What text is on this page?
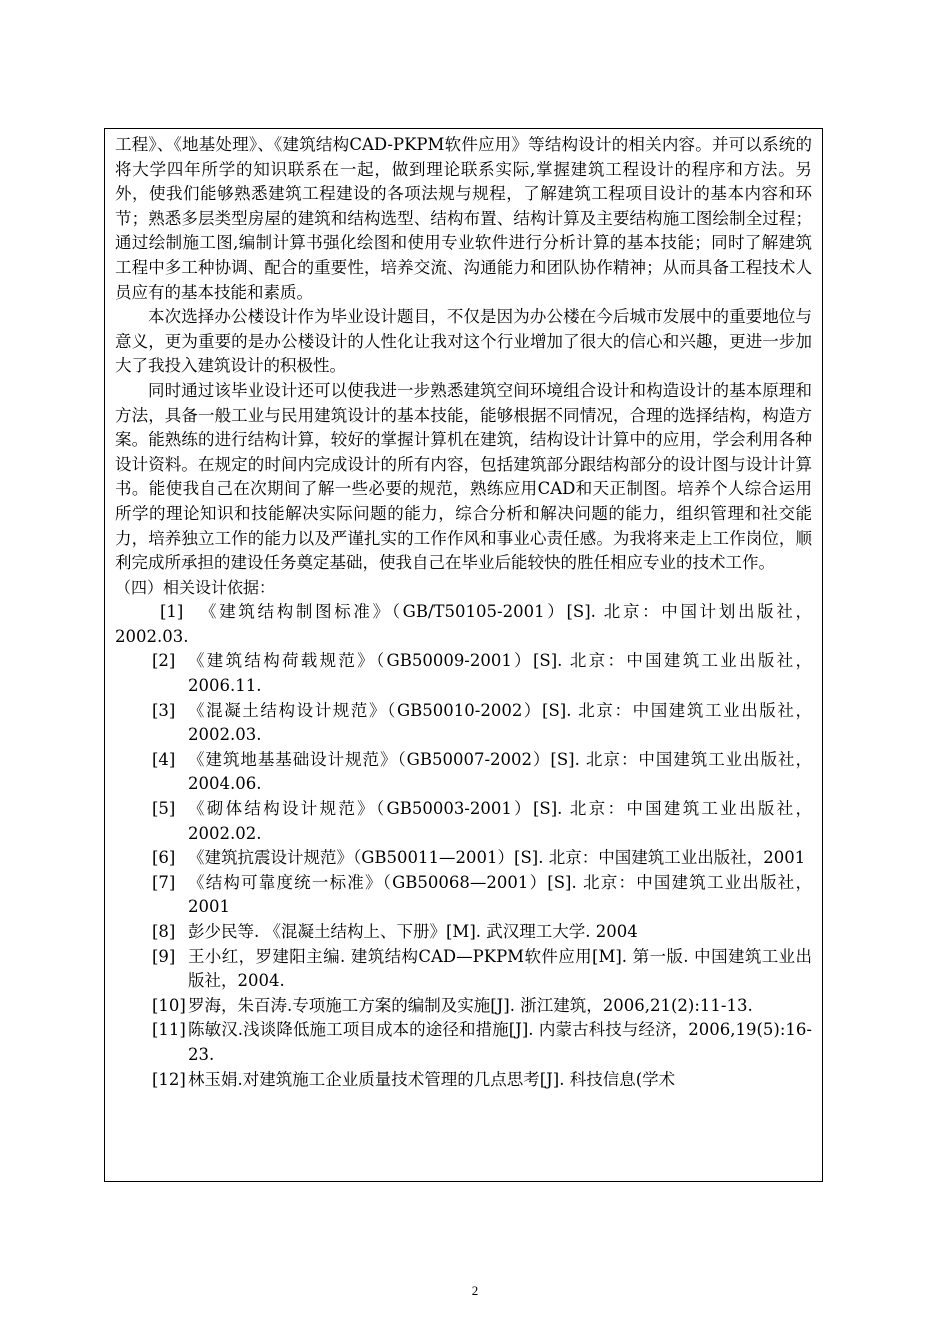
工程》、《地基处理》、《建筑结构CAD-PKPM软件应用》等结构设计的相关内容。并可以系统的将大学四年所学的知识联系在一起，做到理论联系实际,掌握建筑工程设计的程序和方法。另外，使我们能够熟悉建筑工程建设的各项法规与规程，了解建筑工程项目设计的基本内容和环节；熟悉多层类型房屋的建筑和结构选型、结构布置、结构计算及主要结构施工图绘制全过程；通过绘制施工图,编制计算书强化绘图和使用专业软件进行分析计算的基本技能；同时了解建筑工程中多工种协调、配合的重要性，培养交流、沟通能力和团队协作精神；从而具备工程技术人员应有的基本技能和素质。

本次选择办公楼设计作为毕业设计题目，不仅是因为办公楼在今后城市发展中的重要地位与意义，更为重要的是办公楼设计的人性化让我对这个行业增加了很大的信心和兴趣，更进一步加大了我投入建筑设计的积极性。

同时通过该毕业设计还可以使我进一步熟悉建筑空间环境组合设计和构造设计的基本原理和方法，具备一般工业与民用建筑设计的基本技能，能够根据不同情况，合理的选择结构，构造方案。能熟练的进行结构计算，较好的掌握计算机在建筑，结构设计计算中的应用，学会利用各种设计资料。在规定的时间内完成设计的所有内容，包括建筑部分跟结构部分的设计图与设计计算书。能使我自己在次期间了解一些必要的规范，熟练应用CAD和天正制图。培养个人综合运用所学的理论知识和技能解决实际问题的能力，综合分析和解决问题的能力，组织管理和社交能力，培养独立工作的能力以及严谨扎实的工作作风和事业心责任感。为我将来走上工作岗位，顺利完成所承担的建设任务奠定基础，使我自己在毕业后能较快的胜任相应专业的技术工作。

（四）相关设计依据：
[1] 《建筑结构制图标准》（GB/T50105-2001）[S]. 北京：中国计划出版社，2002.03.
[2] 《建筑结构荷载规范》（GB50009-2001）[S]. 北京：中国建筑工业出版社，2006.11.
[3] 《混凝土结构设计规范》（GB50010-2002）[S]. 北京：中国建筑工业出版社，2002.03.
[4] 《建筑地基基础设计规范》（GB50007-2002）[S]. 北京：中国建筑工业出版社，2004.06.
[5] 《砌体结构设计规范》（GB50003-2001）[S]. 北京：中国建筑工业出版社，2002.02.
[6] 《建筑抗震设计规范》（GB50011—2001）[S]. 北京：中国建筑工业出版社，2001
[7] 《结构可靠度统一标准》（GB50068—2001）[S]. 北京：中国建筑工业出版社，2001
[8] 彭少民等. 《混凝土结构上、下册》[M]. 武汉理工大学. 2004
[9] 王小红，罗建阳主编. 建筑结构CAD—PKPM软件应用[M]. 第一版. 中国建筑工业出版社，2004.
[10] 罗海，朱百涛.专项施工方案的编制及实施[J]. 浙江建筑，2006,21(2):11-13.
[11] 陈敏汉.浅谈降低施工项目成本的途径和措施[J]. 内蒙古科技与经济，2006,19(5):16-23.
[12] 林玉娟.对建筑施工企业质量技术管理的几点思考[J]. 科技信息(学术
2
